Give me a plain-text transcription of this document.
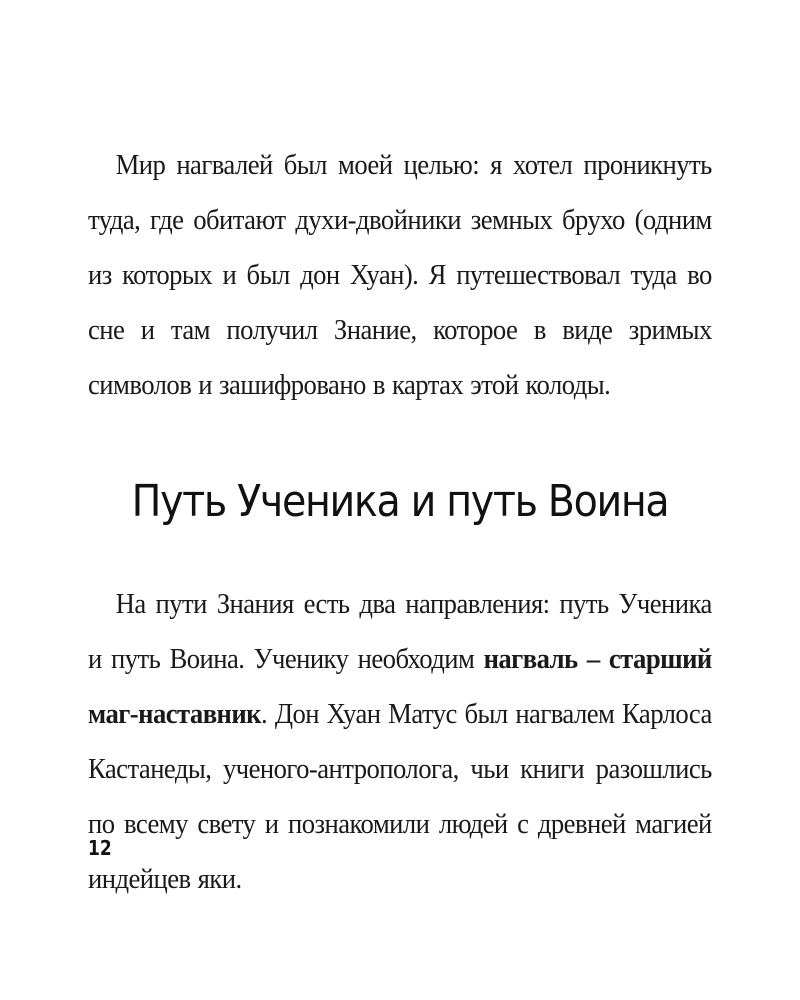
Мир нагвалей был моей целью: я хотел проникнуть туда, где обитают духи-двойники земных брухо (одним из которых и был дон Хуан). Я путешествовал туда во сне и там получил Знание, которое в виде зримых символов и зашифровано в картах этой колоды.

Путь Ученика и путь Воина

На пути Знания есть два направления: путь Ученика и путь Воина. Ученику необходим нагваль – старший маг-наставник. Дон Хуан Матус был нагвалем Карлоса Кастанеды, ученого-антрополога, чьи книги разошлись по всему свету и познакомили людей с древней магией индейцев яки.

12
